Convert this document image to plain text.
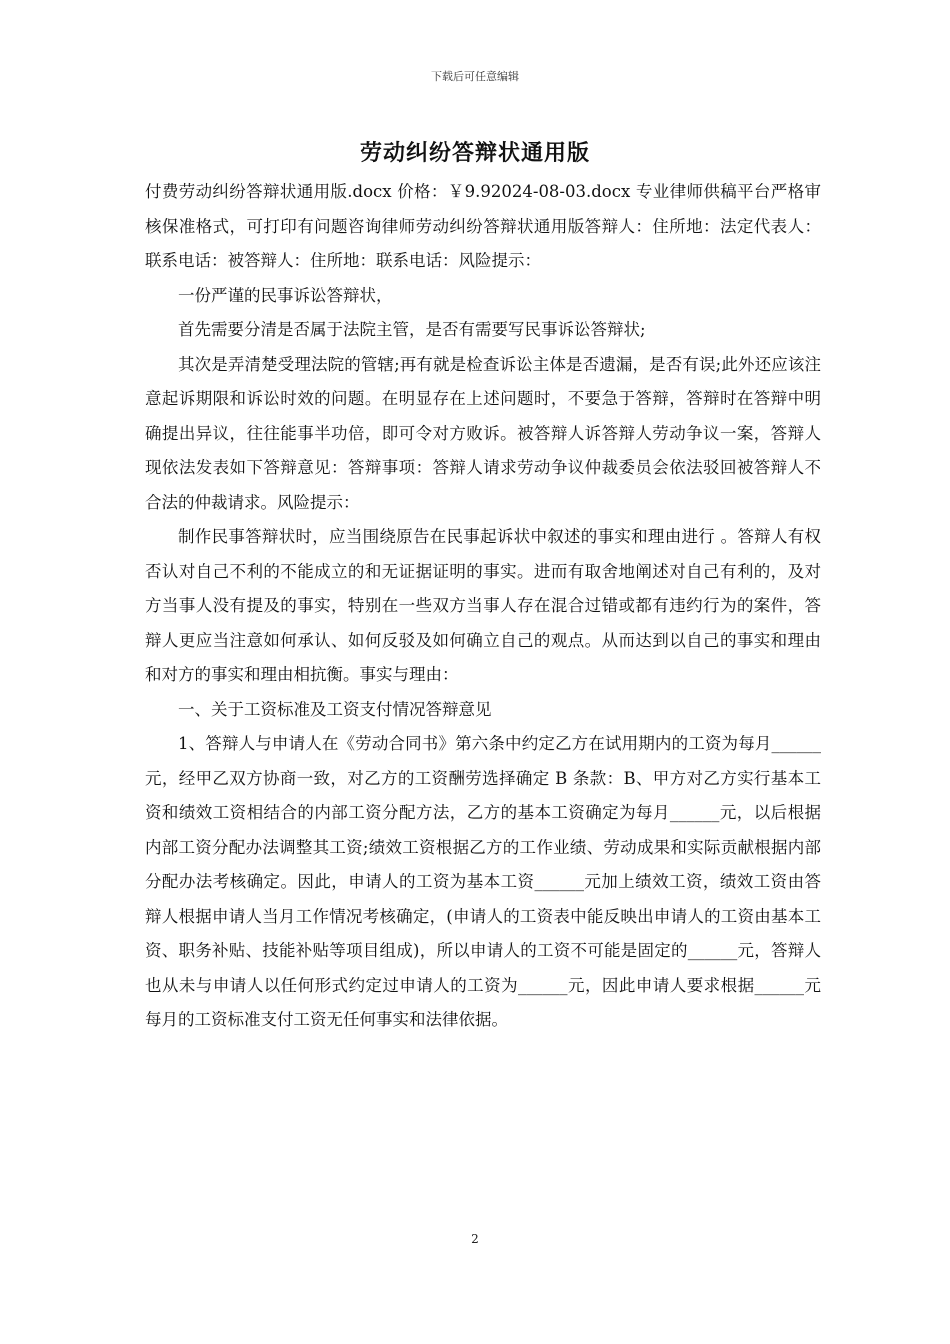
下载后可任意编辑
劳动纠纷答辩状通用版

付费劳动纠纷答辩状通用版.docx 价格：￥9.92024-08-03.docx 专业律师供稿平台严格审核保准格式，可打印有问题咨询律师劳动纠纷答辩状通用版答辩人：住所地：法定代表人：联系电话：被答辩人：住所地：联系电话：风险提示：

一份严谨的民事诉讼答辩状，

首先需要分清是否属于法院主管，是否有需要写民事诉讼答辩状;

其次是弄清楚受理法院的管辖;再有就是检查诉讼主体是否遗漏，是否有误;此外还应该注意起诉期限和诉讼时效的问题。在明显存在上述问题时，不要急于答辩，答辩时在答辩中明确提出异议，往往能事半功倍，即可令对方败诉。被答辩人诉答辩人劳动争议一案，答辩人现依法发表如下答辩意见：答辩事项：答辩人请求劳动争议仲裁委员会依法驳回被答辩人不合法的仲裁请求。风险提示：

制作民事答辩状时，应当围绕原告在民事起诉状中叙述的事实和理由进行 。答辩人有权否认对自己不利的不能成立的和无证据证明的事实。进而有取舍地阐述对自己有利的，及对方当事人没有提及的事实，特别在一些双方当事人存在混合过错或都有违约行为的案件，答辩人更应当注意如何承认、如何反驳及如何确立自己的观点。从而达到以自己的事实和理由和对方的事实和理由相抗衡。事实与理由：

一、关于工资标准及工资支付情况答辩意见

1、答辩人与申请人在《劳动合同书》第六条中约定乙方在试用期内的工资为每月______元，经甲乙双方协商一致，对乙方的工资酬劳选择确定 B 条款：B、甲方对乙方实行基本工资和绩效工资相结合的内部工资分配方法，乙方的基本工资确定为每月______元，以后根据内部工资分配办法调整其工资;绩效工资根据乙方的工作业绩、劳动成果和实际贡献根据内部分配办法考核确定。因此，申请人的工资为基本工资______元加上绩效工资，绩效工资由答辩人根据申请人当月工作情况考核确定，(申请人的工资表中能反映出申请人的工资由基本工资、职务补贴、技能补贴等项目组成)，所以申请人的工资不可能是固定的______元，答辩人也从未与申请人以任何形式约定过申请人的工资为______元，因此申请人要求根据______元每月的工资标准支付工资无任何事实和法律依据。

2
